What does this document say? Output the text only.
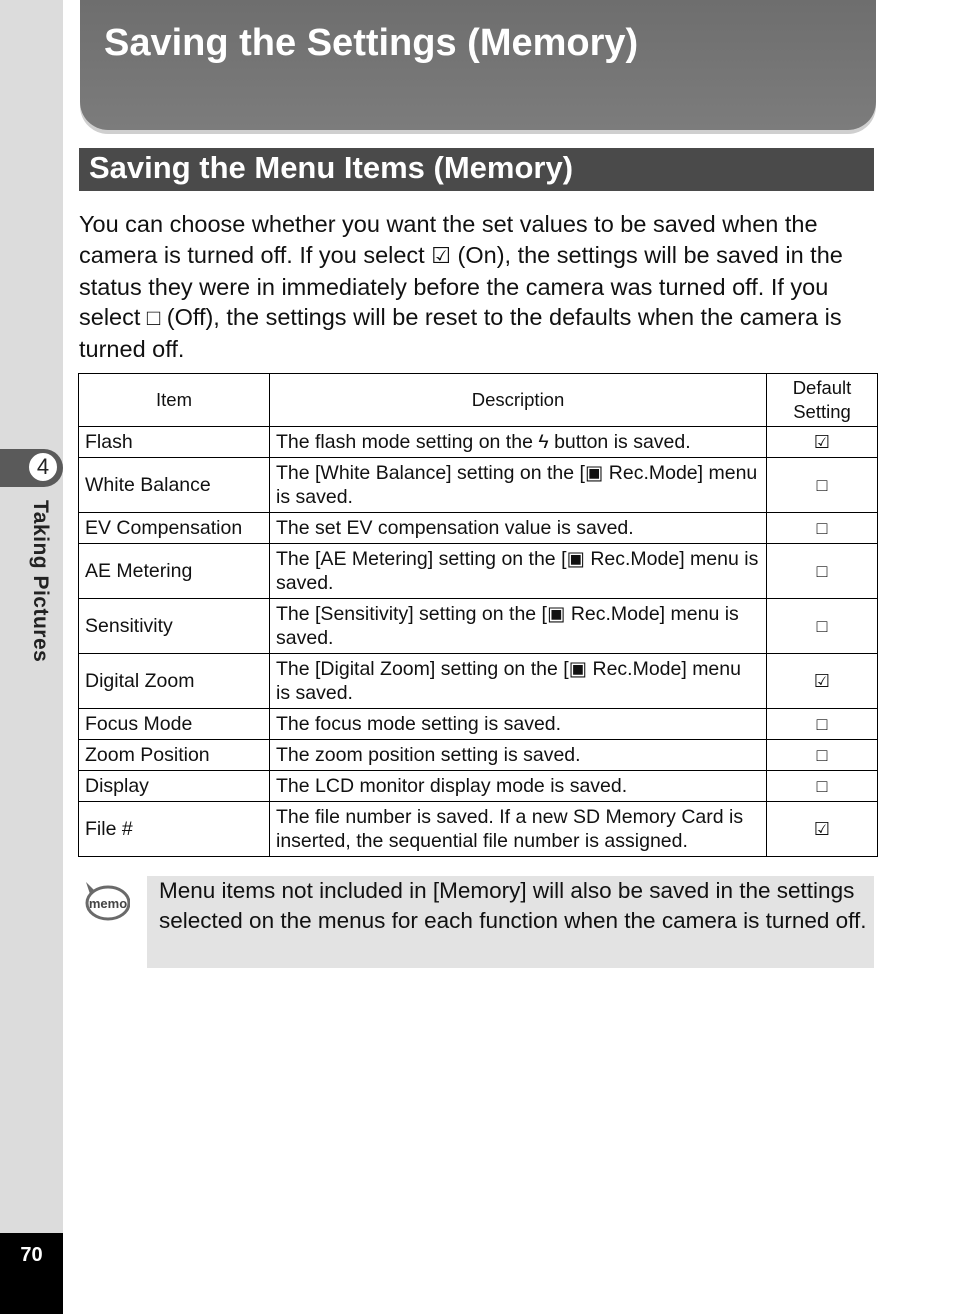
4
Taking Pictures
70
Saving the Settings (Memory)
Saving the Menu Items (Memory)

You can choose whether you want the set values to be saved when the camera is turned off. If you select ☑ (On), the settings will be saved in the status they were in immediately before the camera was turned off. If you select □ (Off), the settings will be reset to the defaults when the camera is turned off.

Item	Description	Default Setting
Flash	The flash mode setting on the ϟ button is saved.	☑
White Balance	The [White Balance] setting on the [▣ Rec.Mode] menu is saved.	□
EV Compensation	The set EV compensation value is saved.	□
AE Metering	The [AE Metering] setting on the [▣ Rec.Mode] menu is saved.	□
Sensitivity	The [Sensitivity] setting on the [▣ Rec.Mode] menu is saved.	□
Digital Zoom	The [Digital Zoom] setting on the [▣ Rec.Mode] menu is saved.	☑
Focus Mode	The focus mode setting is saved.	□
Zoom Position	The zoom position setting is saved.	□
Display	The LCD monitor display mode is saved.	□
File #	The file number is saved. If a new SD Memory Card is inserted, the sequential file number is assigned.	☑
memo

Menu items not included in [Memory] will also be saved in the settings selected on the menus for each function when the camera is turned off.
